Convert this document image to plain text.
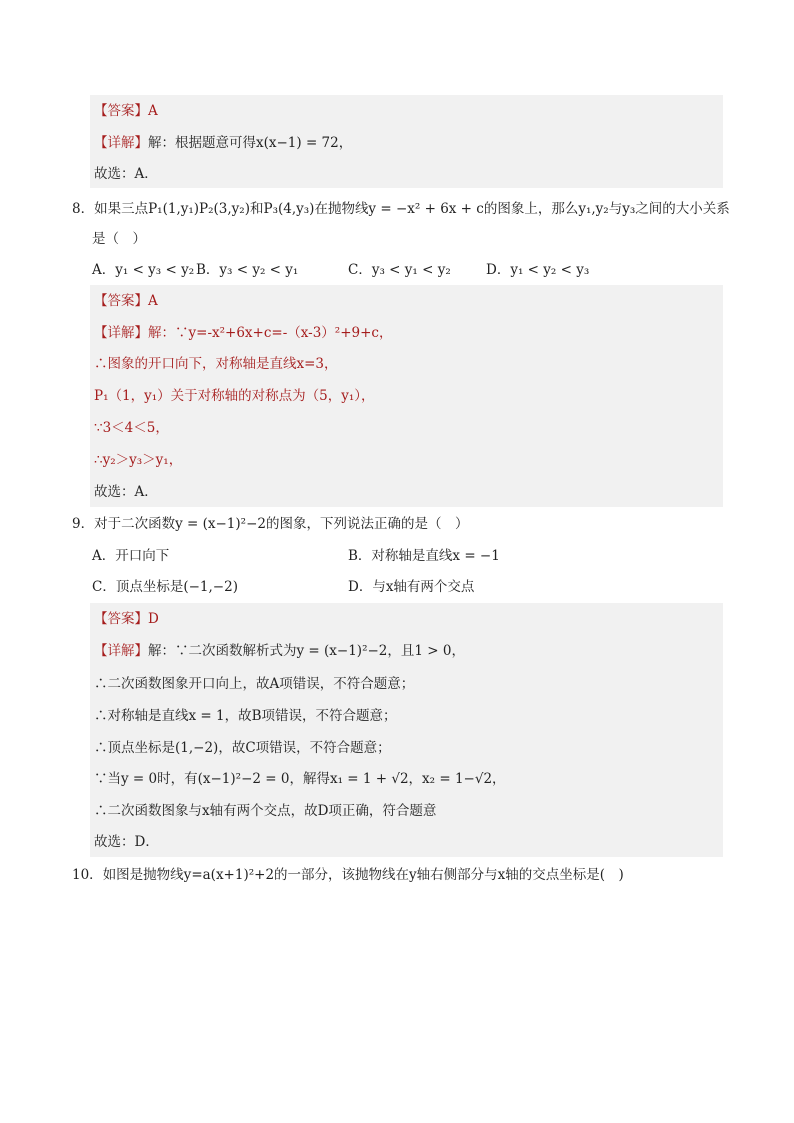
【答案】A
【详解】解：根据题意可得x(x−1) = 72，
故选：A．
8．如果三点P₁(1,y₁)P₂(3,y₂)和P₃(4,y₃)在抛物线y = −x² + 6x + c的图象上，那么y₁,y₂与y₃之间的大小关系
是（　）
A．y₁ < y₃ < y₂ B．y₃ < y₂ < y₁	C．y₃ < y₁ < y₂	D．y₁ < y₂ < y₃
【答案】A
【详解】解：∵y=-x²+6x+c=-（x-3）²+9+c，
∴图象的开口向下，对称轴是直线x=3，
P₁（1，y₁）关于对称轴的对称点为（5，y₁），
∵3＜4＜5，
∴y₂＞y₃＞y₁，
故选：A．
9．对于二次函数y = (x−1)²−2的图象，下列说法正确的是（　）
A．开口向下	B．对称轴是直线x = −1
C．顶点坐标是(−1,−2)	D．与x轴有两个交点
【答案】D
【详解】解：∵二次函数解析式为y = (x−1)²−2，且1 > 0，
∴二次函数图象开口向上，故A项错误，不符合题意；
∴对称轴是直线x = 1，故B项错误，不符合题意；
∴顶点坐标是(1,−2)，故C项错误，不符合题意；
∵当y = 0时，有(x−1)²−2 = 0，解得x₁ = 1 + √2，x₂ = 1−√2，
∴二次函数图象与x轴有两个交点，故D项正确，符合题意
故选：D．
10．如图是抛物线y=a(x+1)²+2的一部分，该抛物线在y轴右侧部分与x轴的交点坐标是(　)
